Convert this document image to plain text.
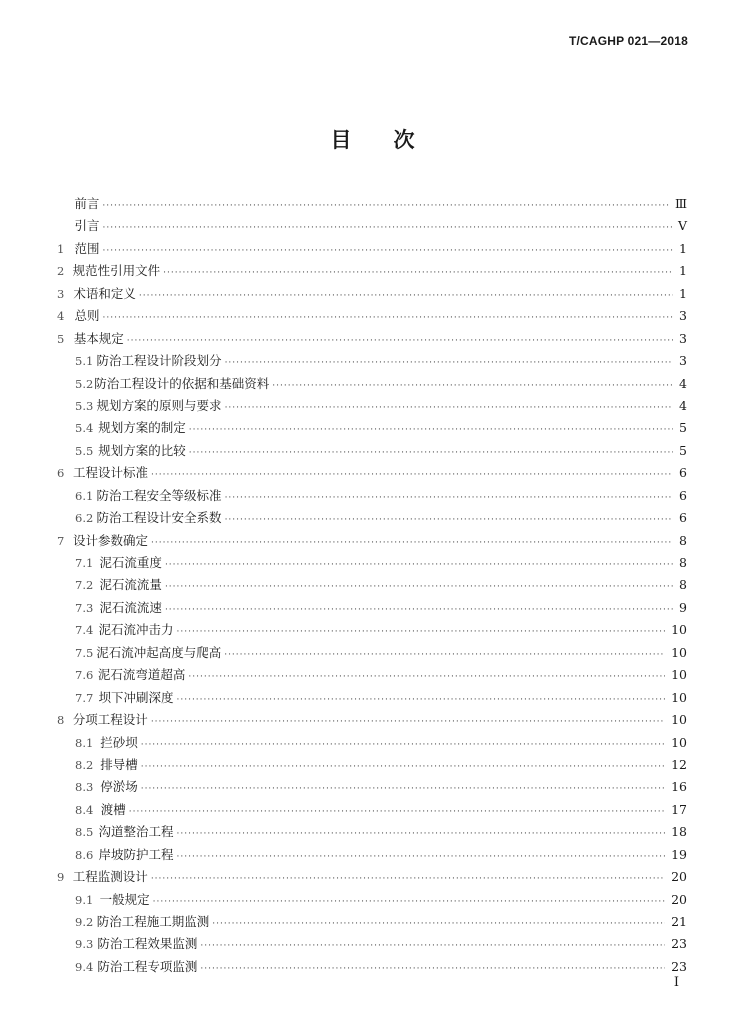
T/CAGHP 021—2018
目　　次
前言 ·····	Ⅲ
引言 ·····	Ⅴ
1 范围 ·····	1
2 规范性引用文件 ·····	1
3 术语和定义 ·····	1
4 总则 ·····	3
5 基本规定 ·····	3
5.1 防治工程设计阶段划分 ·····	3
5.2 防治工程设计的依据和基础资料 ·····	4
5.3 规划方案的原则与要求 ·····	4
5.4 规划方案的制定 ·····	5
5.5 规划方案的比较 ·····	5
6 工程设计标准 ·····	6
6.1 防治工程安全等级标准 ·····	6
6.2 防治工程设计安全系数 ·····	6
7 设计参数确定 ·····	8
7.1 泥石流重度 ·····	8
7.2 泥石流流量 ·····	8
7.3 泥石流流速 ·····	9
7.4 泥石流冲击力 ·····	10
7.5 泥石流冲起高度与爬高 ·····	10
7.6 泥石流弯道超高 ·····	10
7.7 坝下冲刷深度 ·····	10
8 分项工程设计 ·····	10
8.1 拦砂坝 ·····	10
8.2 排导槽 ·····	12
8.3 停淤场 ·····	16
8.4 渡槽 ·····	17
8.5 沟道整治工程 ·····	18
8.6 岸坡防护工程 ·····	19
9 工程监测设计 ·····	20
9.1 一般规定 ·····	20
9.2 防治工程施工期监测 ·····	21
9.3 防治工程效果监测 ·····	23
9.4 防治工程专项监测 ·····	23
Ⅰ
